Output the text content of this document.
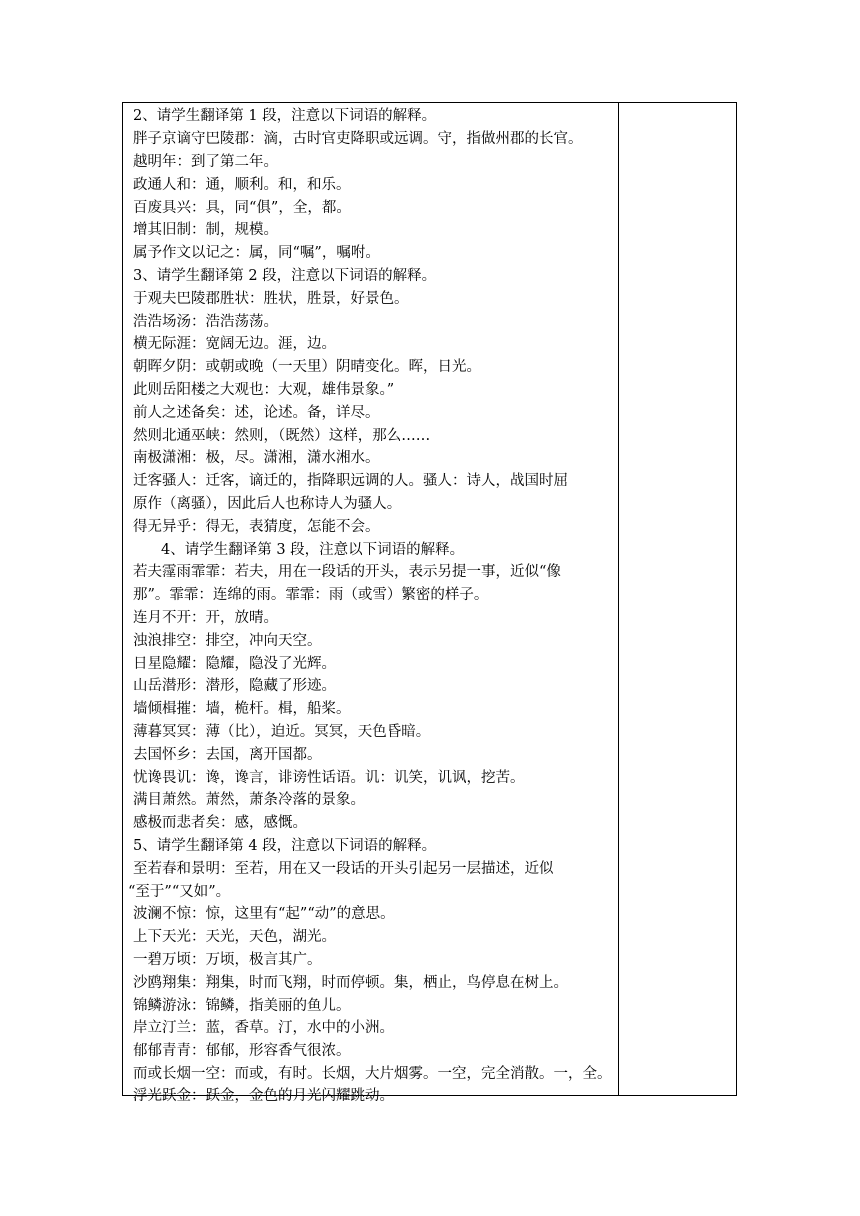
2、请学生翻译第 1 段，注意以下词语的解释。
胖子京谪守巴陵郡：滴，古时官吏降职或远调。守，指做州郡的长官。
越明年：到了第二年。
政通人和：通，顺利。和，和乐。
百废具兴：具，同“俱”，全，都。
增其旧制：制，规模。
属予作文以记之：属，同“嘱”，嘱咐。
3、请学生翻译第 2 段，注意以下词语的解释。
于观夫巴陵郡胜状：胜状，胜景，好景色。
浩浩场汤：浩浩荡荡。
横无际涯：宽阔无边。涯，边。
朝晖夕阴：或朝或晚（一天里）阴晴变化。晖，日光。
此则岳阳楼之大观也：大观，雄伟景象。”
前人之述备矣：述，论述。备，详尽。
然则北通巫峡：然则，（既然）这样，那么……
南极潇湘：极，尽。潇湘，潇水湘水。
迁客骚人：迁客，谪迁的，指降职远调的人。骚人：诗人，战国时屈
原作（离骚），因此后人也称诗人为骚人。
得无异乎：得无，表猜度，怎能不会。
4、请学生翻译第 3 段，注意以下词语的解释。
若夫霪雨霏霏：若夫，用在一段话的开头，表示另提一事，近似“像
那”。霏霏：连绵的雨。霏霏：雨（或雪）繁密的样子。
连月不开：开，放晴。
浊浪排空：排空，冲向天空。
日星隐耀：隐耀，隐没了光辉。
山岳潜形：潜形，隐藏了形迹。
墙倾楫摧：墙，桅杆。楫，船桨。
薄暮冥冥：薄（比），迫近。冥冥，天色昏暗。
去国怀乡：去国，离开国都。
忧谗畏讥：谗，谗言，诽谤性话语。讥：讥笑，讥讽，挖苦。
满目萧然。萧然，萧条冷落的景象。
感极而悲者矣：感，感慨。
5、请学生翻译第 4 段，注意以下词语的解释。
至若春和景明：至若，用在又一段话的开头引起另一层描述，近似
“至于”“又如”。
波澜不惊：惊，这里有“起”“动”的意思。
上下天光：天光，天色，湖光。
一碧万顷：万顷，极言其广。
沙鸥翔集：翔集，时而飞翔，时而停顿。集，栖止，鸟停息在树上。
锦鳞游泳：锦鳞，指美丽的鱼儿。
岸立汀兰：蓝，香草。汀，水中的小洲。
郁郁青青：郁郁，形容香气很浓。
而或长烟一空：而或，有时。长烟，大片烟雾。一空，完全消散。一，全。
浮光跃金：跃金，金色的月光闪耀跳动。
